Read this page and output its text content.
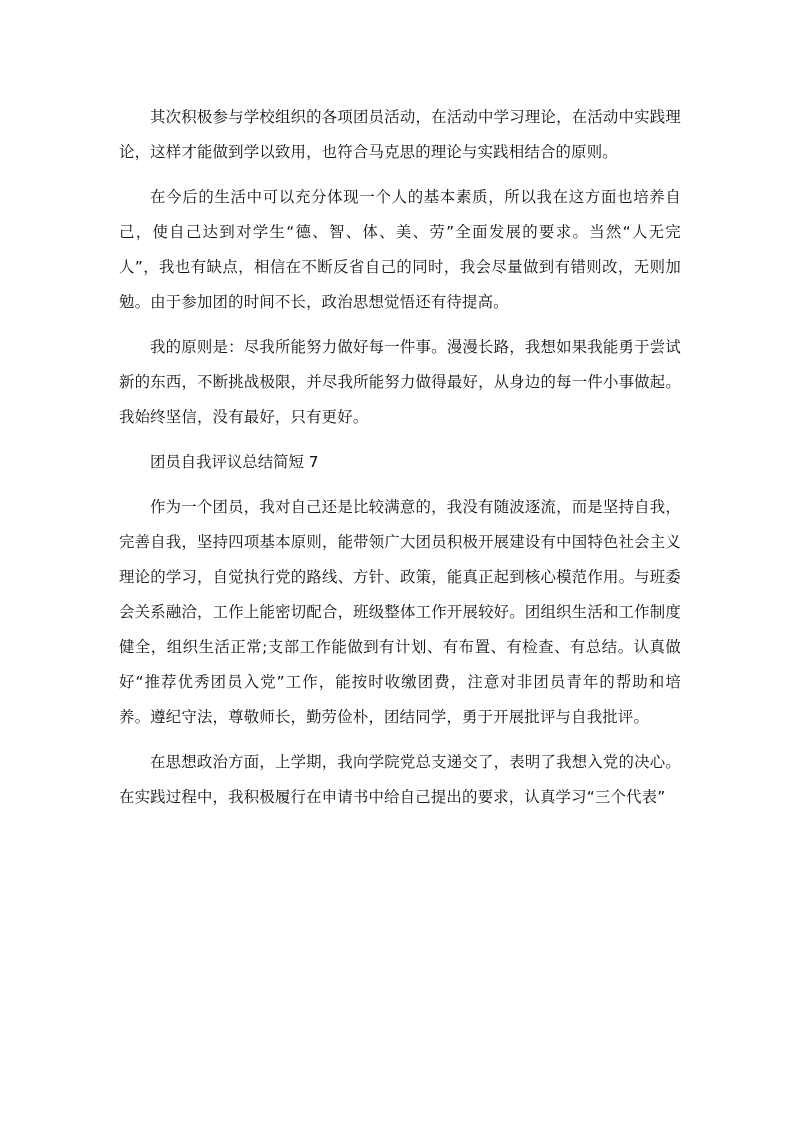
其次积极参与学校组织的各项团员活动，在活动中学习理论，在活动中实践理论，这样才能做到学以致用，也符合马克思的理论与实践相结合的原则。

在今后的生活中可以充分体现一个人的基本素质，所以我在这方面也培养自己，使自己达到对学生“德、智、体、美、劳”全面发展的要求。当然“人无完人”，我也有缺点，相信在不断反省自己的同时，我会尽量做到有错则改，无则加勉。由于参加团的时间不长，政治思想觉悟还有待提高。

我的原则是：尽我所能努力做好每一件事。漫漫长路，我想如果我能勇于尝试新的东西，不断挑战极限，并尽我所能努力做得最好，从身边的每一件小事做起。我始终坚信，没有最好，只有更好。

团员自我评议总结简短 7

作为一个团员，我对自己还是比较满意的，我没有随波逐流，而是坚持自我，完善自我，坚持四项基本原则，能带领广大团员积极开展建设有中国特色社会主义理论的学习，自觉执行党的路线、方针、政策，能真正起到核心模范作用。与班委会关系融洽，工作上能密切配合，班级整体工作开展较好。团组织生活和工作制度健全，组织生活正常;支部工作能做到有计划、有布置、有检查、有总结。认真做好“推荐优秀团员入党”工作，能按时收缴团费，注意对非团员青年的帮助和培养。遵纪守法，尊敬师长，勤劳俭朴，团结同学，勇于开展批评与自我批评。

在思想政治方面，上学期，我向学院党总支递交了，表明了我想入党的决心。在实践过程中，我积极履行在申请书中给自己提出的要求，认真学习“三个代表”
